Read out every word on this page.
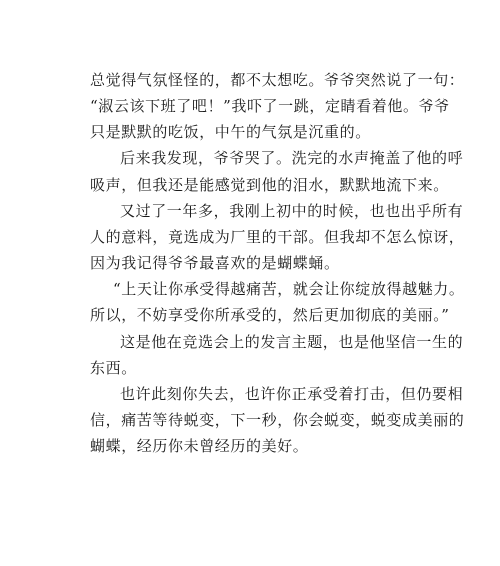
总觉得气氛怪怪的，都不太想吃。爷爷突然说了一句：
“淑云该下班了吧！”我吓了一跳，定睛看着他。爷爷
只是默默的吃饭，中午的气氛是沉重的。
后来我发现，爷爷哭了。洗完的水声掩盖了他的呼
吸声，但我还是能感觉到他的泪水，默默地流下来。
又过了一年多，我刚上初中的时候，也也出乎所有
人的意料，竟选成为厂里的干部。但我却不怎么惊讶，
因为我记得爷爷最喜欢的是蝴蝶蛹。
“上天让你承受得越痛苦，就会让你绽放得越魅力。
所以，不妨享受你所承受的，然后更加彻底的美丽。”
这是他在竞选会上的发言主题，也是他坚信一生的
东西。
也许此刻你失去，也许你正承受着打击，但仍要相
信，痛苦等待蜕变，下一秒，你会蜕变，蜕变成美丽的
蝴蝶，经历你未曾经历的美好。
